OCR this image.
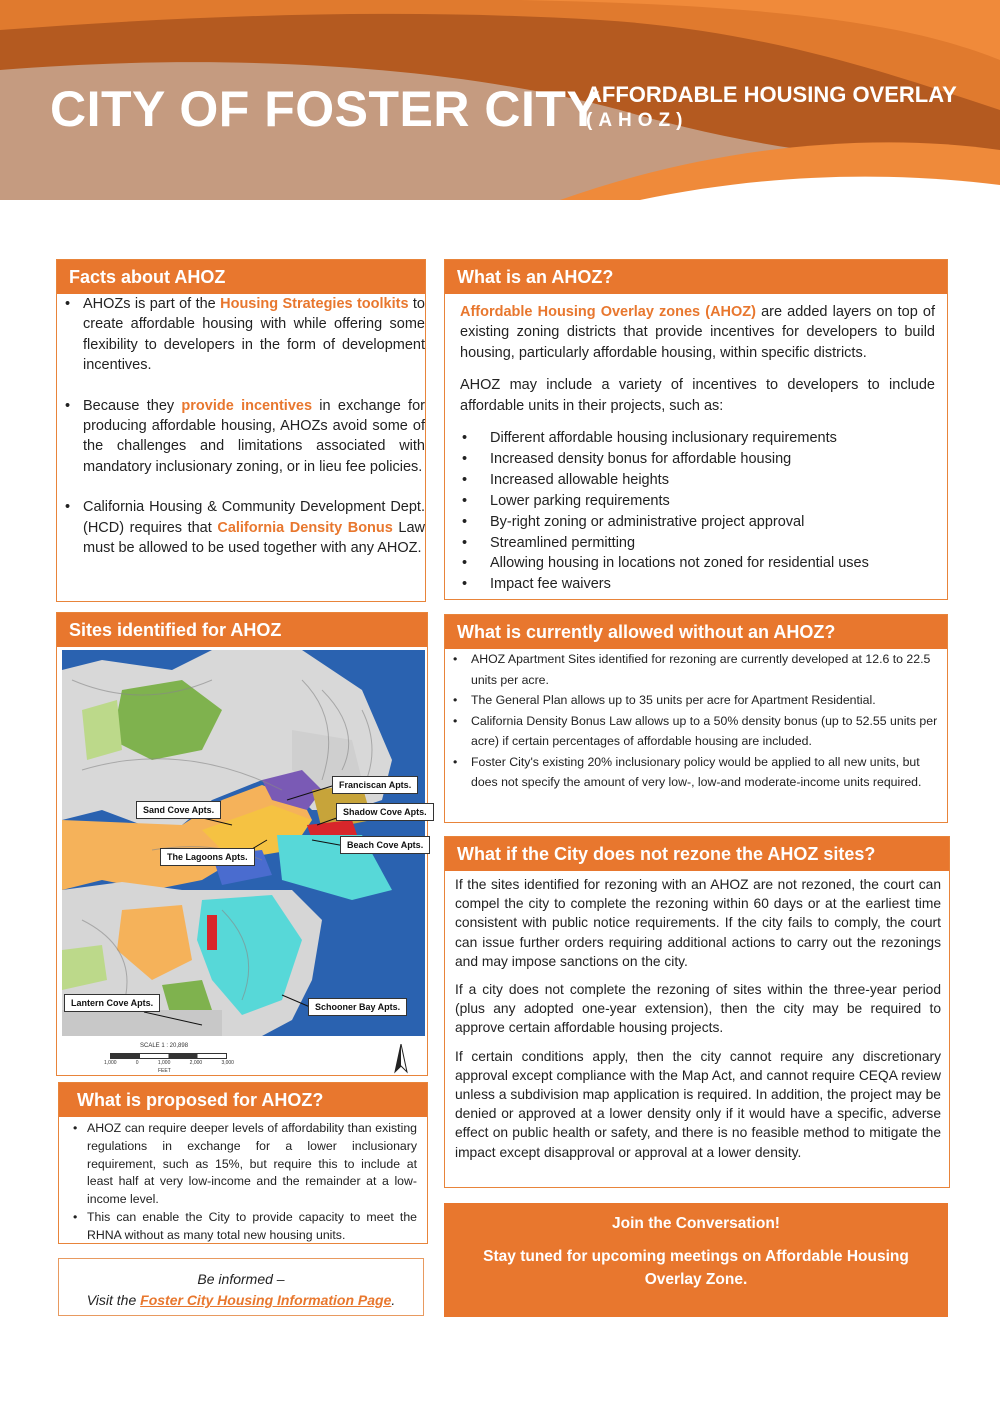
CITY OF FOSTER CITY
AFFORDABLE HOUSING OVERLAY
(AHOZ)
Facts about AHOZ
• AHOZs is part of the Housing Strategies toolkits to create affordable housing with while offering some flexibility to developers in the form of development incentives.
• Because they provide incentives in exchange for producing affordable housing, AHOZs avoid some of the challenges and limitations associated with mandatory inclusionary zoning, or in lieu fee policies.
• California Housing & Community Development Dept. (HCD) requires that California Density Bonus Law must be allowed to be used together with any AHOZ.
What is an AHOZ?

Affordable Housing Overlay zones (AHOZ) are added layers on top of existing zoning districts that provide incentives for developers to build housing, particularly affordable housing, within specific districts.

AHOZ may include a variety of incentives to developers to include affordable units in their projects, such as:

• Different affordable housing inclusionary requirements
• Increased density bonus for affordable housing
• Increased allowable heights
• Lower parking requirements
• By-right zoning or administrative project approval
• Streamlined permitting
• Allowing housing in locations not zoned for residential uses
• Impact fee waivers
Sites identified for AHOZ
Franciscan Apts.
Sand Cove Apts.	Shadow Cove Apts.
Beach Cove Apts.
The Lagoons Apts.
Lantern Cove Apts.	Schooner Bay Apts.
SCALE 1 : 20,898
1,000	0	1,000	2,000	3,000
FEET
What is currently allowed without an AHOZ?
• AHOZ Apartment Sites identified for rezoning are currently developed at 12.6 to 22.5 units per acre.
• The General Plan allows up to 35 units per acre for Apartment Residential.
• California Density Bonus Law allows up to a 50% density bonus (up to 52.55 units per acre) if certain percentages of affordable housing are included.
• Foster City's existing 20% inclusionary policy would be applied to all new units, but does not specify the amount of very low-, low-and moderate-income units required.
What if the City does not rezone the AHOZ sites?

If the sites identified for rezoning with an AHOZ are not rezoned, the court can compel the city to complete the rezoning within 60 days or at the earliest time consistent with public notice requirements. If the city fails to comply, the court can issue further orders requiring additional actions to carry out the rezonings and may impose sanctions on the city.

If a city does not complete the rezoning of sites within the three-year period (plus any adopted one-year extension), then the city may be required to approve certain affordable housing projects.

If certain conditions apply, then the city cannot require any discretionary approval except compliance with the Map Act, and cannot require CEQA review unless a subdivision map application is required. In addition, the project may be denied or approved at a lower density only if it would have a specific, adverse effect on public health or safety, and there is no feasible method to mitigate the impact except disapproval or approval at a lower density.

What is proposed for AHOZ?
• AHOZ can require deeper levels of affordability than existing regulations in exchange for a lower inclusionary requirement, such as 15%, but require this to include at least half at very low-income and the remainder at a low-income level.
• This can enable the City to provide capacity to meet the RHNA without as many total new housing units.
Be informed –
Visit the Foster City Housing Information Page.
Join the Conversation!
Stay tuned for upcoming meetings on Affordable Housing Overlay Zone.
